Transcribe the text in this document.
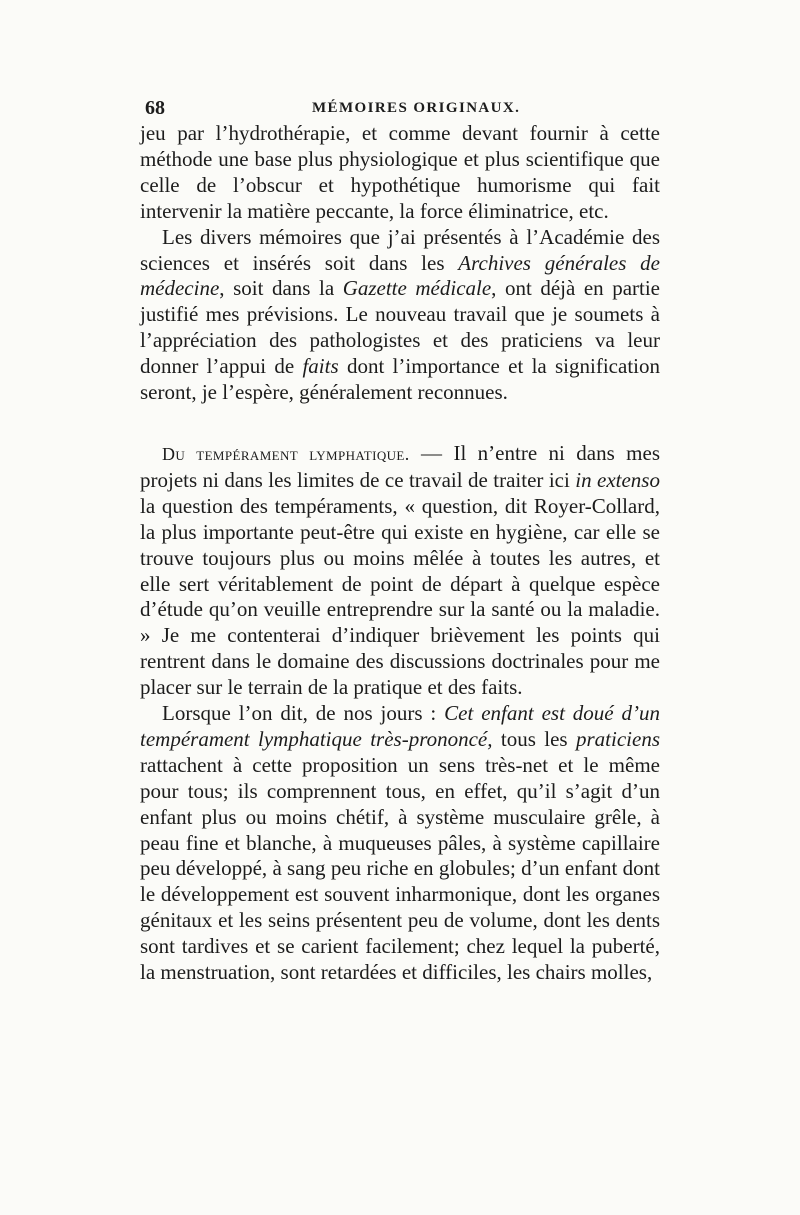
68	MÉMOIRES ORIGINAUX.

jeu par l’hydrothérapie, et comme devant fournir à cette méthode une base plus physiologique et plus scientifique que celle de l’obscur et hypothétique humorisme qui fait intervenir la matière peccante, la force éliminatrice, etc.

Les divers mémoires que j’ai présentés à l’Académie des sciences et insérés soit dans les Archives générales de médecine, soit dans la Gazette médicale, ont déjà en partie justifié mes prévisions. Le nouveau travail que je soumets à l’appréciation des pathologistes et des praticiens va leur donner l’appui de faits dont l’importance et la signification seront, je l’espère, généralement reconnues.

Du tempérament lymphatique. — Il n’entre ni dans mes projets ni dans les limites de ce travail de traiter ici in extenso la question des tempéraments, « question, dit Royer-Collard, la plus importante peut-être qui existe en hygiène, car elle se trouve toujours plus ou moins mêlée à toutes les autres, et elle sert véritablement de point de départ à quelque espèce d’étude qu’on veuille entreprendre sur la santé ou la maladie. » Je me contenterai d’indiquer brièvement les points qui rentrent dans le domaine des discussions doctrinales pour me placer sur le terrain de la pratique et des faits.

Lorsque l’on dit, de nos jours : Cet enfant est doué d’un tempérament lymphatique très-prononcé, tous les praticiens rattachent à cette proposition un sens très-net et le même pour tous; ils comprennent tous, en effet, qu’il s’agit d’un enfant plus ou moins chétif, à système musculaire grêle, à peau fine et blanche, à muqueuses pâles, à système capillaire peu développé, à sang peu riche en globules; d’un enfant dont le développement est souvent inharmonique, dont les organes génitaux et les seins présentent peu de volume, dont les dents sont tardives et se carient facilement; chez lequel la puberté, la menstruation, sont retardées et difficiles, les chairs molles,
